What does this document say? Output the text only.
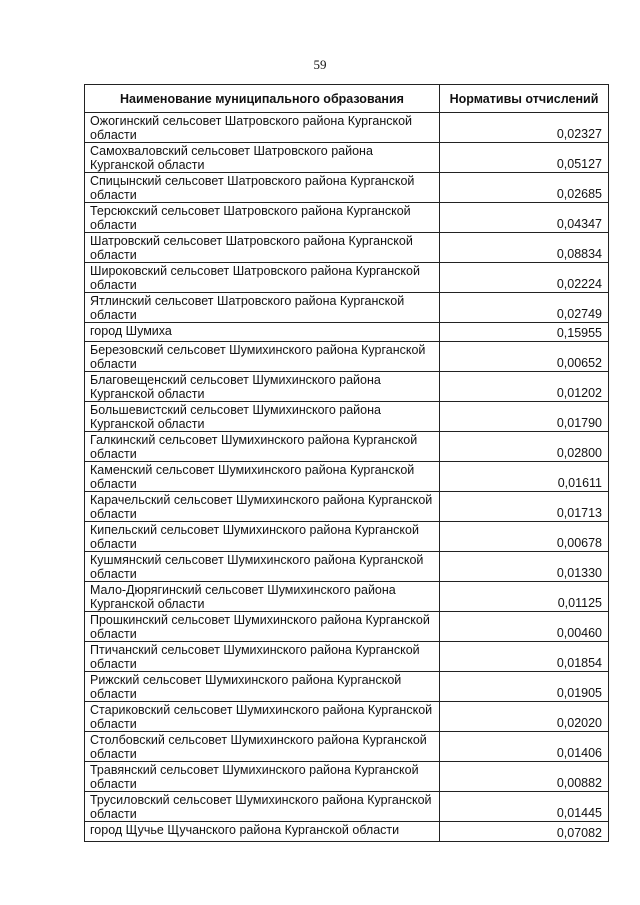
59
Наименование муниципального образования	Нормативы отчислений
Ожогинский сельсовет Шатровского района Курганской области	0,02327
Самохваловский сельсовет Шатровского района Курганской области	0,05127
Спицынский сельсовет Шатровского района Курганской области	0,02685
Терсюкский сельсовет Шатровского района Курганской области	0,04347
Шатровский сельсовет Шатровского района Курганской области	0,08834
Широковский сельсовет Шатровского района Курганской области	0,02224
Ятлинский сельсовет Шатровского района Курганской области	0,02749
город Шумиха	0,15955
Березовский сельсовет Шумихинского района Курганской области	0,00652
Благовещенский сельсовет Шумихинского района Курганской области	0,01202
Большевистский сельсовет Шумихинского района Курганской области	0,01790
Галкинский сельсовет Шумихинского района Курганской области	0,02800
Каменский сельсовет Шумихинского района Курганской области	0,01611
Карачельский сельсовет Шумихинского района Курганской области	0,01713
Кипельский сельсовет Шумихинского района Курганской области	0,00678
Кушмянский сельсовет Шумихинского района Курганской области	0,01330
Мало-Дюрягинский сельсовет Шумихинского района Курганской области	0,01125
Прошкинский сельсовет Шумихинского района Курганской области	0,00460
Птичанский сельсовет Шумихинского района Курганской области	0,01854
Рижский сельсовет Шумихинского района Курганской области	0,01905
Стариковский сельсовет Шумихинского района Курганской области	0,02020
Столбовский сельсовет Шумихинского района Курганской области	0,01406
Травянский сельсовет Шумихинского района Курганской области	0,00882
Трусиловский сельсовет Шумихинского района Курганской области	0,01445
город Щучье Щучанского района Курганской области	0,07082
